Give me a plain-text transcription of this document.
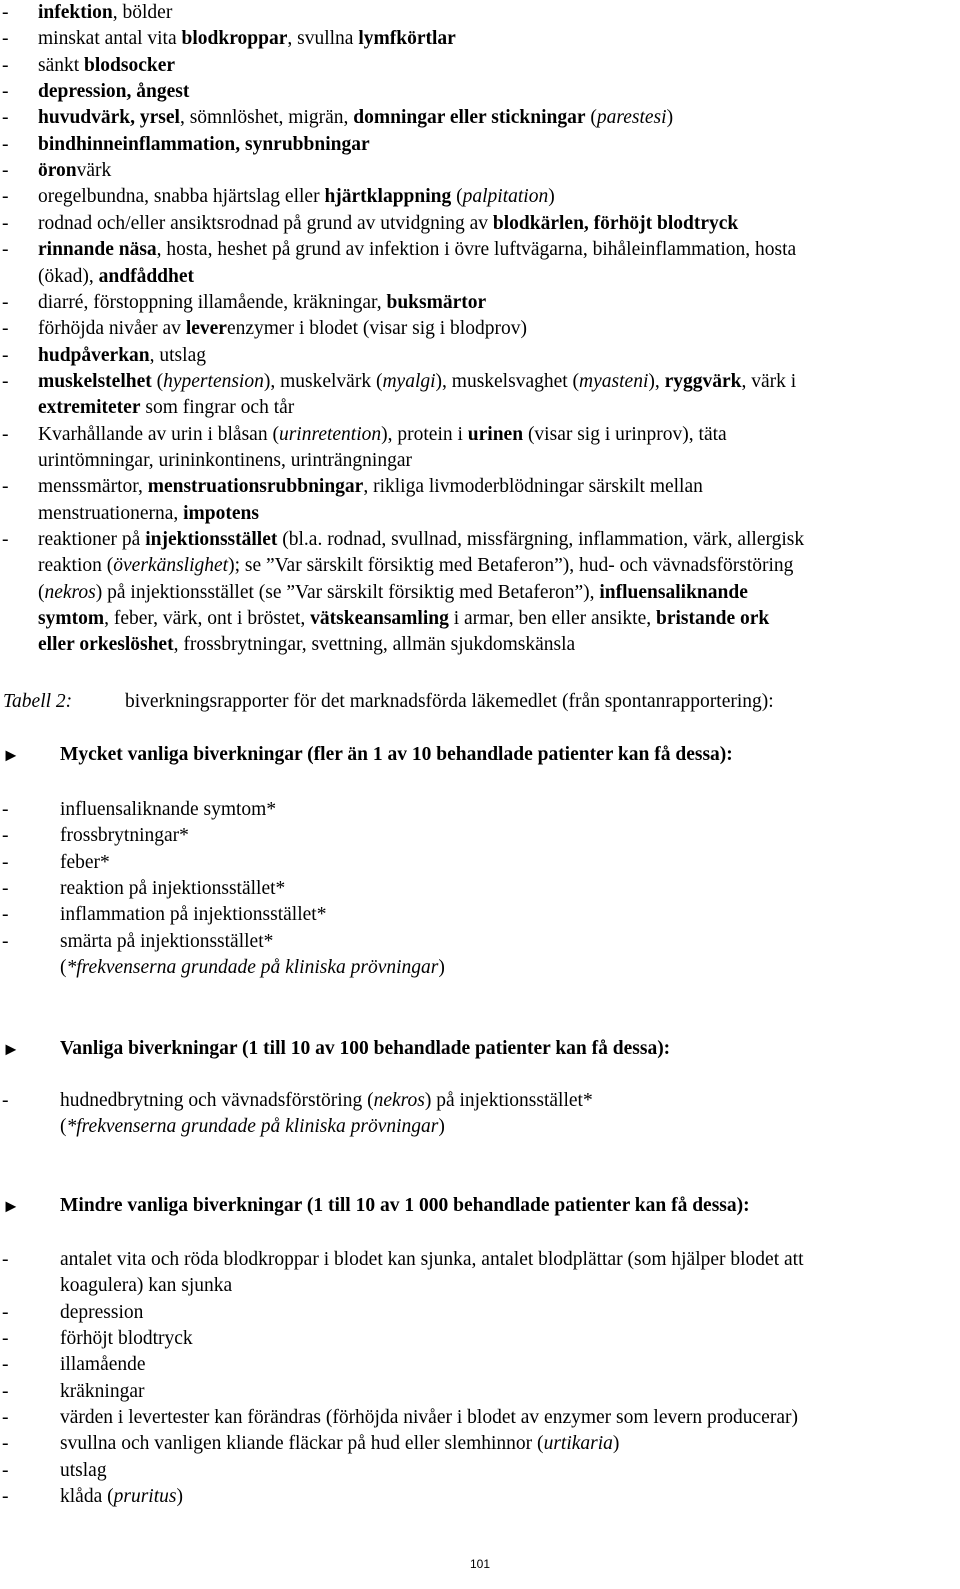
- infektion, bölder
- minskat antal vita blodkroppar, svullna lymfkörtlar
- sänkt blodsocker
- depression, ångest
- huvudvärk, yrsel, sömnlöshet, migrän, domningar eller stickningar (parestesi)
- bindhinneinflammation, synrubbningar
- öronvärk
- oregelbundna, snabba hjärtslag eller hjärtklappning (palpitation)
- rodnad och/eller ansiktsrodnad på grund av utvidgning av blodkärlen, förhöjt blodtryck
- rinnande näsa, hosta, heshet på grund av infektion i övre luftvägarna, bihåleinflammation, hosta
(ökad), andfåddhet
- diarré, förstoppning illamående, kräkningar, buksmärtor
- förhöjda nivåer av leverenzymer i blodet (visar sig i blodprov)
- hudpåverkan, utslag
- muskelstelhet (hypertension), muskelvärk (myalgi), muskelsvaghet (myasteni), ryggvärk, värk i
extremiteter som fingrar och tår
- Kvarhållande av urin i blåsan (urinretention), protein i urinen (visar sig i urinprov), täta
urintömningar, urininkontinens, urinträngningar
- menssmärtor, menstruationsrubbningar, rikliga livmoderblödningar särskilt mellan
menstruationerna, impotens
- reaktioner på injektionsstället (bl.a. rodnad, svullnad, missfärgning, inflammation, värk, allergisk
reaktion (överkänslighet); se ”Var särskilt försiktig med Betaferon”), hud- och vävnadsförstöring
(nekros) på injektionsstället (se ”Var särskilt försiktig med Betaferon”), influensaliknande
symtom, feber, värk, ont i bröstet, vätskeansamling i armar, ben eller ansikte, bristande ork
eller orkeslöshet, frossbrytningar, svettning, allmän sjukdomskänsla
Tabell 2:	biverkningsrapporter för det marknadsförda läkemedlet (från spontanrapportering):
► Mycket vanliga biverkningar (fler än 1 av 10 behandlade patienter kan få dessa):
-	influensaliknande symtom*
-	frossbrytningar*
-	feber*
-	reaktion på injektionsstället*
-	inflammation på injektionsstället*
-	smärta på injektionsstället*
(*frekvenserna grundade på kliniska prövningar)
► Vanliga biverkningar (1 till 10 av 100 behandlade patienter kan få dessa):
-	hudnedbrytning och vävnadsförstöring (nekros) på injektionsstället*
(*frekvenserna grundade på kliniska prövningar)
► Mindre vanliga biverkningar (1 till 10 av 1 000 behandlade patienter kan få dessa):
-	antalet vita och röda blodkroppar i blodet kan sjunka, antalet blodplättar (som hjälper blodet att
koagulera) kan sjunka
-	depression
-	förhöjt blodtryck
-	illamående
-	kräkningar
-	värden i levertester kan förändras (förhöjda nivåer i blodet av enzymer som levern producerar)
-	svullna och vanligen kliande fläckar på hud eller slemhinnor (urtikaria)
-	utslag
-	klåda (pruritus)
101
